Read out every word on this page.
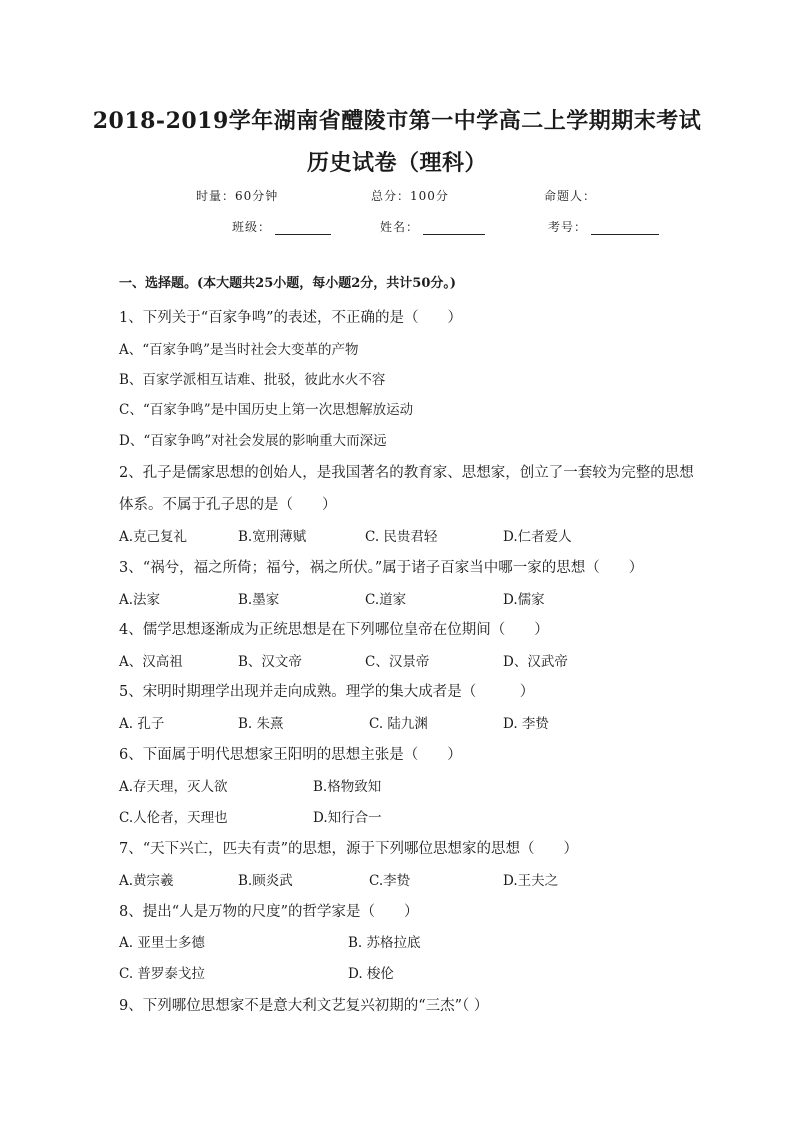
2018-2019学年湖南省醴陵市第一中学高二上学期期末考试
历史试卷（理科）
时量：60分钟	总分：100分	命题人：
班级：	姓名：	考号：
一、选择题。(本大题共25小题，每小题2分，共计50分。)
1、下列关于“百家争鸣”的表述，不正确的是（　　）
A、“百家争鸣”是当时社会大变革的产物
B、百家学派相互诘难、批驳，彼此水火不容
C、“百家争鸣”是中国历史上第一次思想解放运动
D、“百家争鸣”对社会发展的影响重大而深远
2、孔子是儒家思想的创始人，是我国著名的教育家、思想家，创立了一套较为完整的思想
体系。不属于孔子思的是（　　）
A.克己复礼	B.宽刑薄赋	C. 民贵君轻	D.仁者爱人
3、“祸兮，福之所倚；福兮，祸之所伏。”属于诸子百家当中哪一家的思想（　　）
A.法家	B.墨家	C.道家	D.儒家
4、儒学思想逐渐成为正统思想是在下列哪位皇帝在位期间（　　）
A、汉高祖	B、汉文帝	C、汉景帝	D、汉武帝
5、宋明时期理学出现并走向成熟。理学的集大成者是（　　　）
A. 孔子	B. 朱熹	C. 陆九渊	D. 李贽
6、下面属于明代思想家王阳明的思想主张是（　　）
A.存天理，灭人欲	B.格物致知
C.人伦者，天理也	D.知行合一
7、“天下兴亡，匹夫有责”的思想，源于下列哪位思想家的思想（　　）
A.黄宗羲	B.顾炎武	C.李贽	D.王夫之
8、提出“人是万物的尺度”的哲学家是（　　）
A. 亚里士多德	B. 苏格拉底
C. 普罗泰戈拉	D. 梭伦
9、下列哪位思想家不是意大利文艺复兴初期的“三杰”（ ）
